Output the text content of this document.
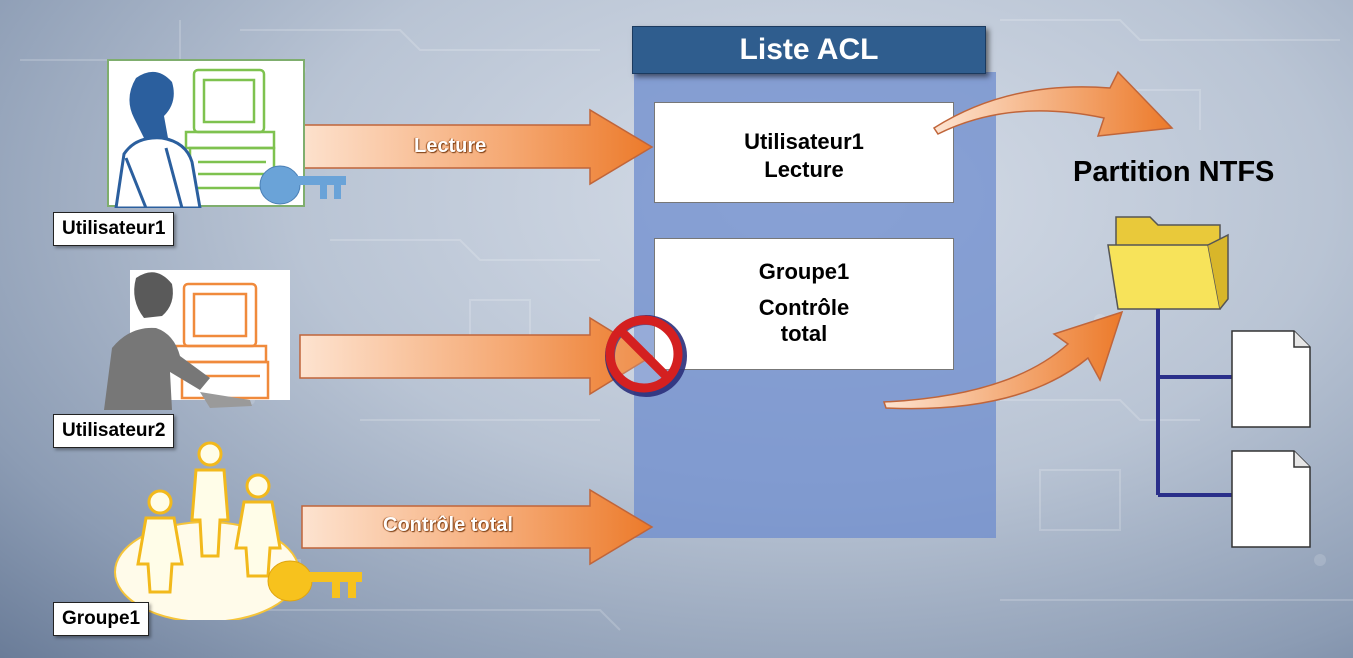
Liste ACL
Utilisateur1
Lecture
Groupe1
Contrôle
total
Lecture
Contrôle total
Utilisateur1
Utilisateur2
Groupe1
Partition NTFS
